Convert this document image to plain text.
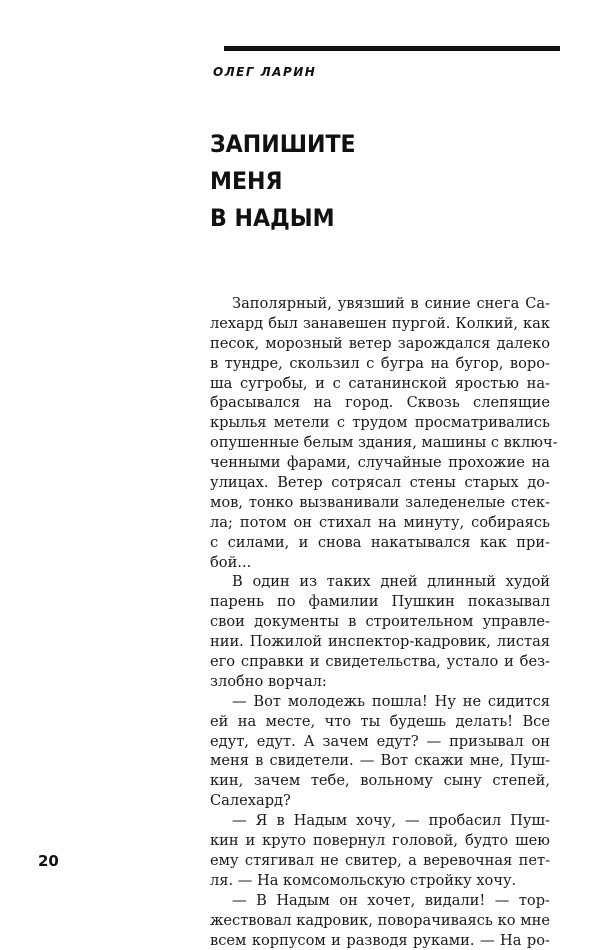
ОЛЕГ ЛАРИН
ЗАПИШИТЕ
МЕНЯ
В НАДЫМ
Заполярный, увязший в синие снега Са-
лехард был занавешен пургой. Колкий, как
песок, морозный ветер зарождался далеко
в тундре, скользил с бугра на бугор, воро-
ша сугробы, и с сатанинской яростью на-
брасывался на город. Сквозь слепящие
крылья метели с трудом просматривались
опушенные белым здания, машины с включ-
ченными фарами, случайные прохожие на
улицах. Ветер сотрясал стены старых до-
мов, тонко вызванивали заледенелые стек-
ла; потом он стихал на минуту, собираясь
с силами, и снова накатывался как при-
бой...
В один из таких дней длинный худой
парень по фамилии Пушкин показывал
свои документы в строительном управле-
нии. Пожилой инспектор-кадровик, листая
его справки и свидетельства, устало и без-
злобно ворчал:
— Вот молодежь пошла! Ну не сидится
ей на месте, что ты будешь делать! Все
едут, едут. А зачем едут? — призывал он
меня в свидетели. — Вот скажи мне, Пуш-
кин, зачем тебе, вольному сыну степей,
Салехард?
— Я в Надым хочу, — пробасил Пуш-
кин и круто повернул головой, будто шею
ему стягивал не свитер, а веревочная пет-
ля. — На комсомольскую стройку хочу.
— В Надым он хочет, видали! — тор-
жествовал кадровик, поворачиваясь ко мне
всем корпусом и разводя руками. — На ро-
20
